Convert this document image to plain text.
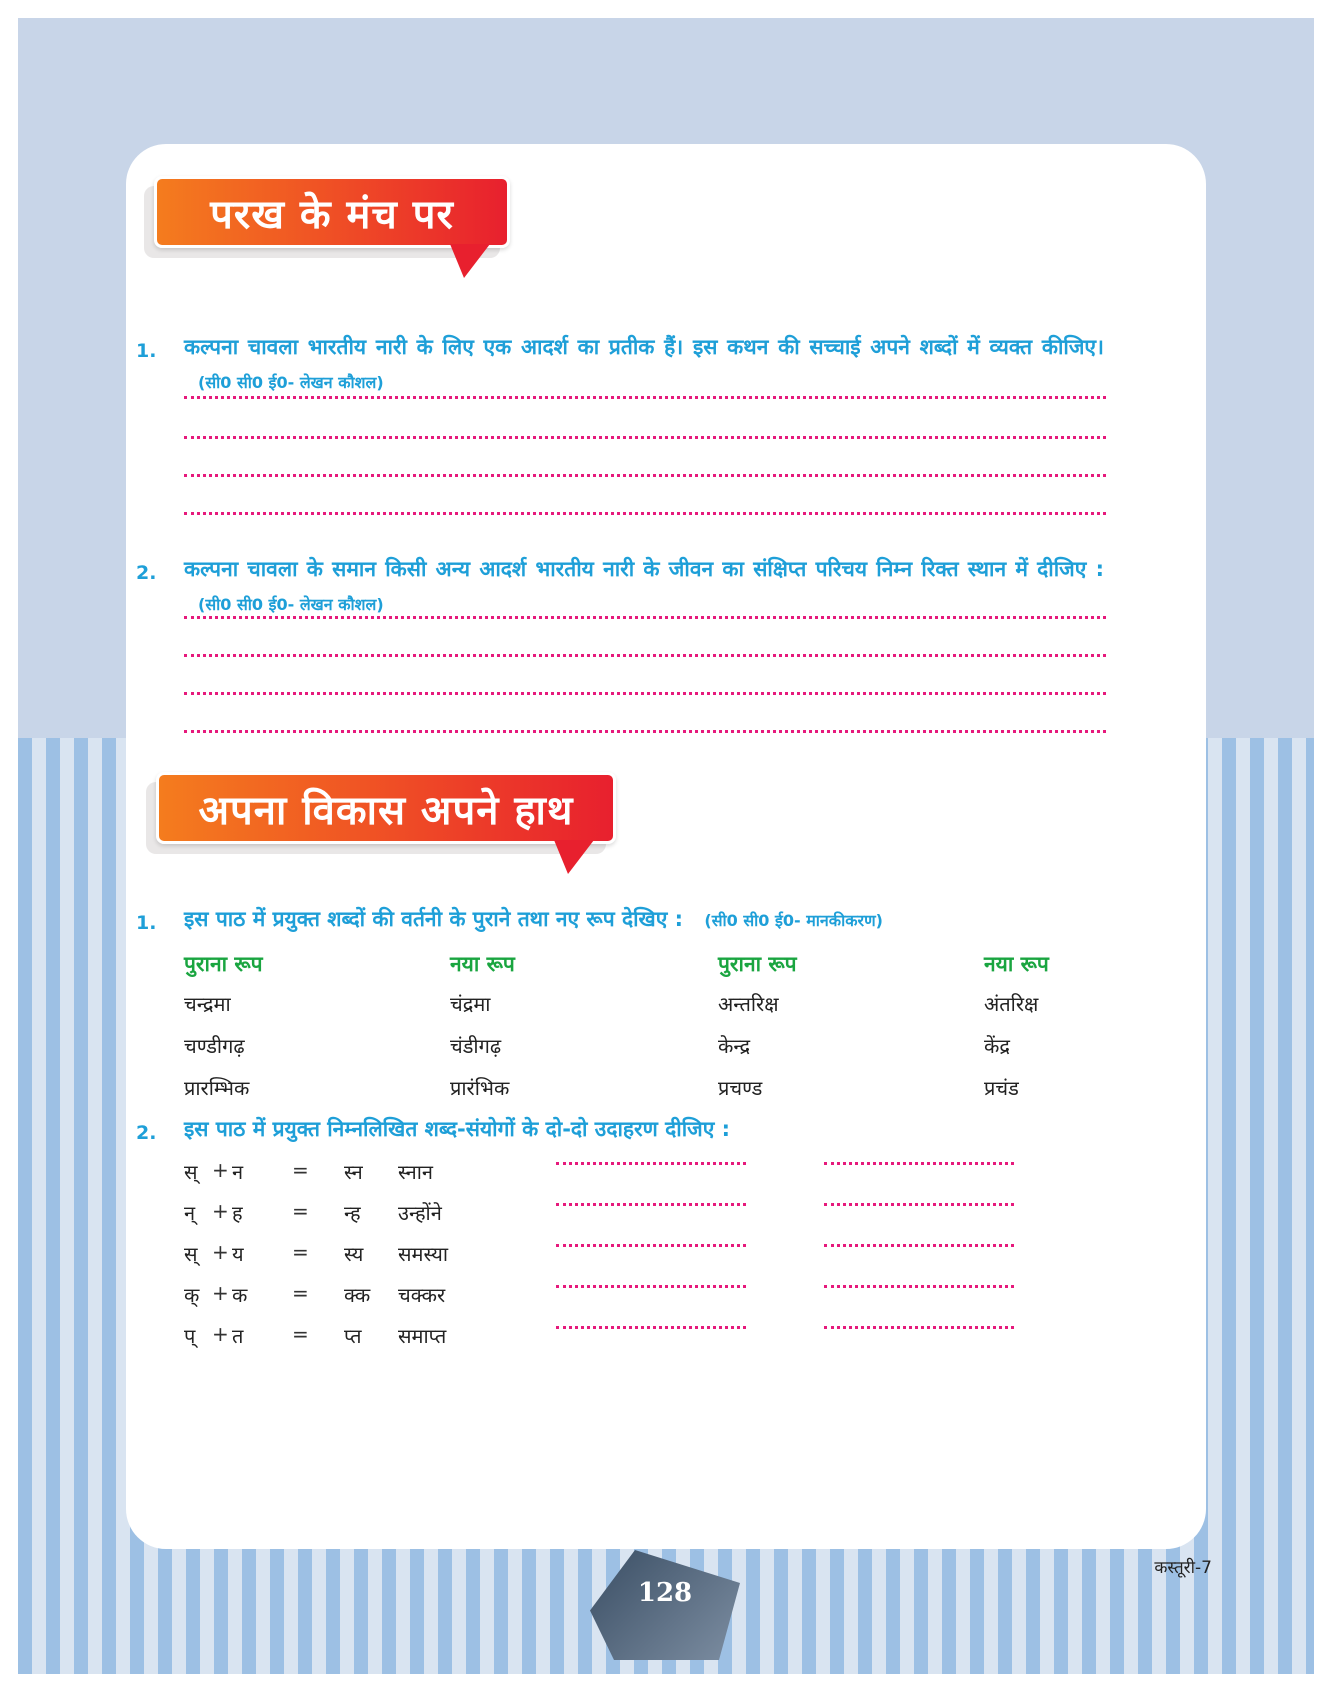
परख के मंच पर
1. कल्पना चावला भारतीय नारी के लिए एक आदर्श का प्रतीक हैं। इस कथन की सच्चाई अपने शब्दों में व्यक्त कीजिए। (सी0 सी0 ई0- लेखन कौशल)
2. कल्पना चावला के समान किसी अन्य आदर्श भारतीय नारी के जीवन का संक्षिप्त परिचय निम्न रिक्त स्थान में दीजिए : (सी0 सी0 ई0- लेखन कौशल)
अपना विकास अपने हाथ
1. इस पाठ में प्रयुक्त शब्दों की वर्तनी के पुराने तथा नए रूप देखिए : (सी0 सी0 ई0- मानकीकरण)
पुराना रूप	नया रूप	पुराना रूप	नया रूप
चन्द्रमा	चंद्रमा	अन्तरिक्ष	अंतरिक्ष
चण्डीगढ़	चंडीगढ़	केन्द्र	केंद्र
प्रारम्भिक	प्रारंभिक	प्रचण्ड	प्रचंड
2. इस पाठ में प्रयुक्त निम्नलिखित शब्द-संयोगों के दो-दो उदाहरण दीजिए :
स् + न = स्न स्नान
न् + ह = न्ह उन्होंने
स् + य = स्य समस्या
क् + क = क्क चक्कर
प् + त = प्त समाप्त
128
कस्तूरी-7
